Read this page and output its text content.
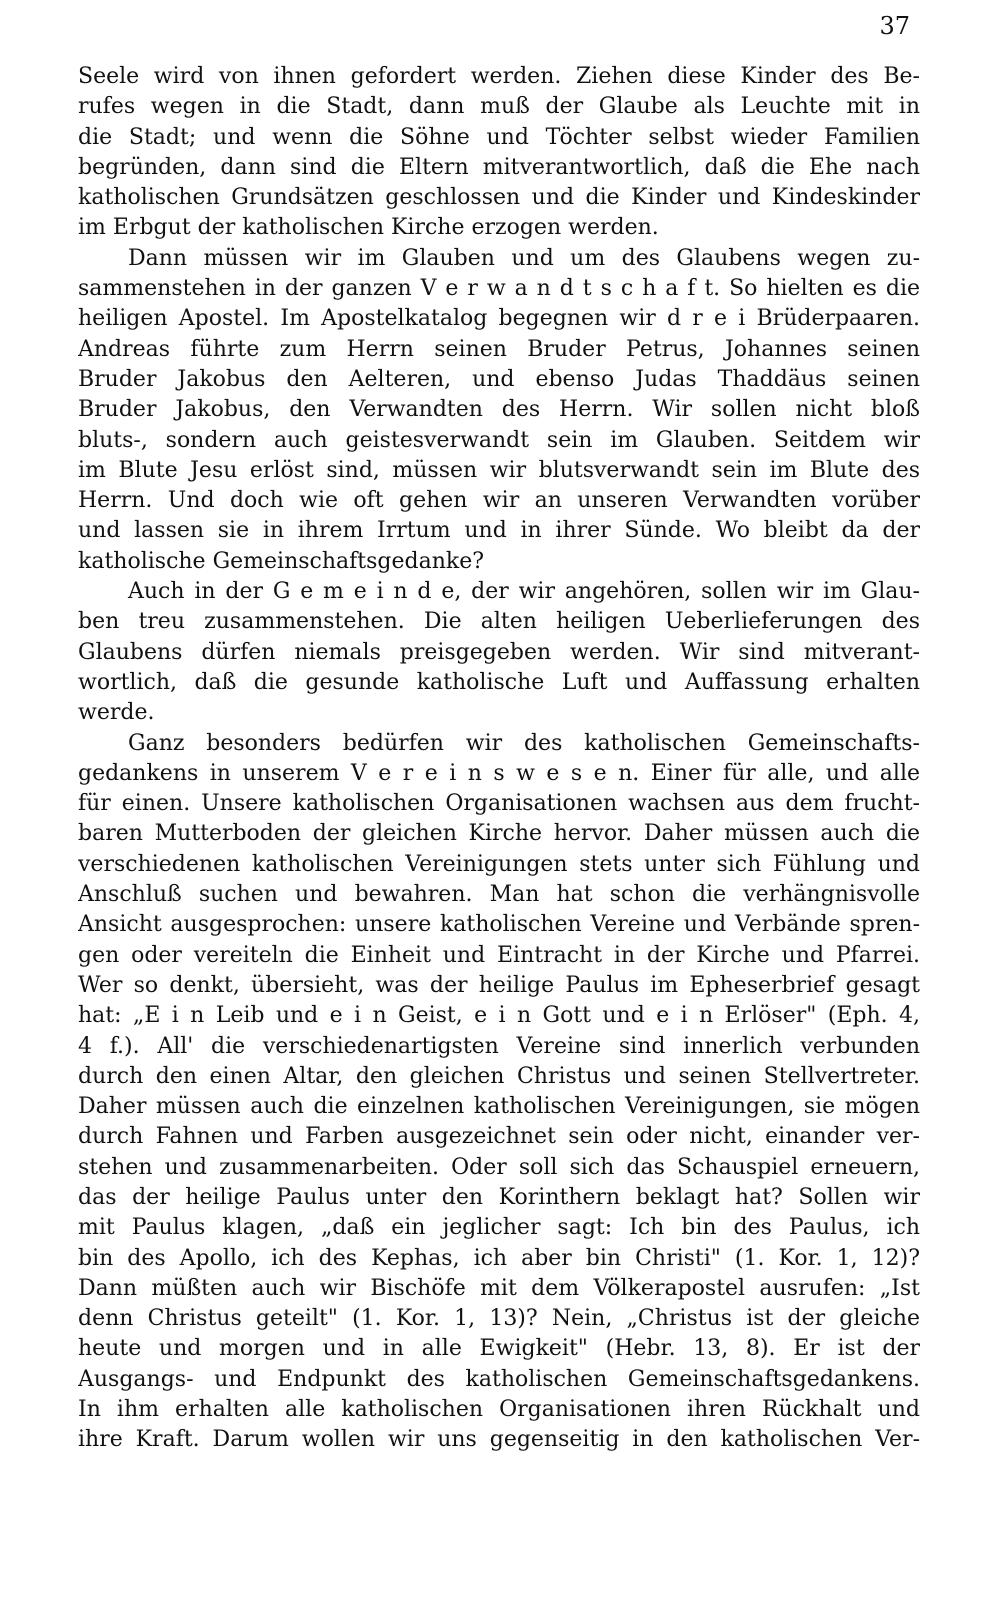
37
Seele wird von ihnen gefordert werden. Ziehen diese Kinder des Be-
rufes wegen in die Stadt, dann muß der Glaube als Leuchte mit in
die Stadt; und wenn die Söhne und Töchter selbst wieder Familien
begründen, dann sind die Eltern mitverantwortlich, daß die Ehe nach
katholischen Grundsätzen geschlossen und die Kinder und Kindeskinder
im Erbgut der katholischen Kirche erzogen werden.
Dann müssen wir im Glauben und um des Glaubens wegen zu-
sammenstehen in der ganzen V e r w a n d t s c h a f t. So hielten es die
heiligen Apostel. Im Apostelkatalog begegnen wir d r e i Brüderpaaren.
Andreas führte zum Herrn seinen Bruder Petrus, Johannes seinen
Bruder Jakobus den Aelteren, und ebenso Judas Thaddäus seinen
Bruder Jakobus, den Verwandten des Herrn. Wir sollen nicht bloß
bluts-, sondern auch geistesverwandt sein im Glauben. Seitdem wir
im Blute Jesu erlöst sind, müssen wir blutsverwandt sein im Blute des
Herrn. Und doch wie oft gehen wir an unseren Verwandten vorüber
und lassen sie in ihrem Irrtum und in ihrer Sünde. Wo bleibt da der
katholische Gemeinschaftsgedanke?
Auch in der G e m e i n d e, der wir angehören, sollen wir im Glau-
ben treu zusammenstehen. Die alten heiligen Ueberlieferungen des
Glaubens dürfen niemals preisgegeben werden. Wir sind mitverant-
wortlich, daß die gesunde katholische Luft und Auffassung erhalten
werde.
Ganz besonders bedürfen wir des katholischen Gemeinschafts-
gedankens in unserem V e r e i n s w e s e n. Einer für alle, und alle
für einen. Unsere katholischen Organisationen wachsen aus dem frucht-
baren Mutterboden der gleichen Kirche hervor. Daher müssen auch die
verschiedenen katholischen Vereinigungen stets unter sich Fühlung und
Anschluß suchen und bewahren. Man hat schon die verhängnisvolle
Ansicht ausgesprochen: unsere katholischen Vereine und Verbände spren-
gen oder vereiteln die Einheit und Eintracht in der Kirche und Pfarrei.
Wer so denkt, übersieht, was der heilige Paulus im Epheserbrief gesagt
hat: „E i n Leib und e i n Geist, e i n Gott und e i n Erlöser" (Eph. 4,
4 f.). All' die verschiedenartigsten Vereine sind innerlich verbunden
durch den einen Altar, den gleichen Christus und seinen Stellvertreter.
Daher müssen auch die einzelnen katholischen Vereinigungen, sie mögen
durch Fahnen und Farben ausgezeichnet sein oder nicht, einander ver-
stehen und zusammenarbeiten. Oder soll sich das Schauspiel erneuern,
das der heilige Paulus unter den Korinthern beklagt hat? Sollen wir
mit Paulus klagen, „daß ein jeglicher sagt: Ich bin des Paulus, ich
bin des Apollo, ich des Kephas, ich aber bin Christi" (1. Kor. 1, 12)?
Dann müßten auch wir Bischöfe mit dem Völkerapostel ausrufen: „Ist
denn Christus geteilt" (1. Kor. 1, 13)? Nein, „Christus ist der gleiche
heute und morgen und in alle Ewigkeit" (Hebr. 13, 8). Er ist der
Ausgangs- und Endpunkt des katholischen Gemeinschaftsgedankens.
In ihm erhalten alle katholischen Organisationen ihren Rückhalt und
ihre Kraft. Darum wollen wir uns gegenseitig in den katholischen Ver-
